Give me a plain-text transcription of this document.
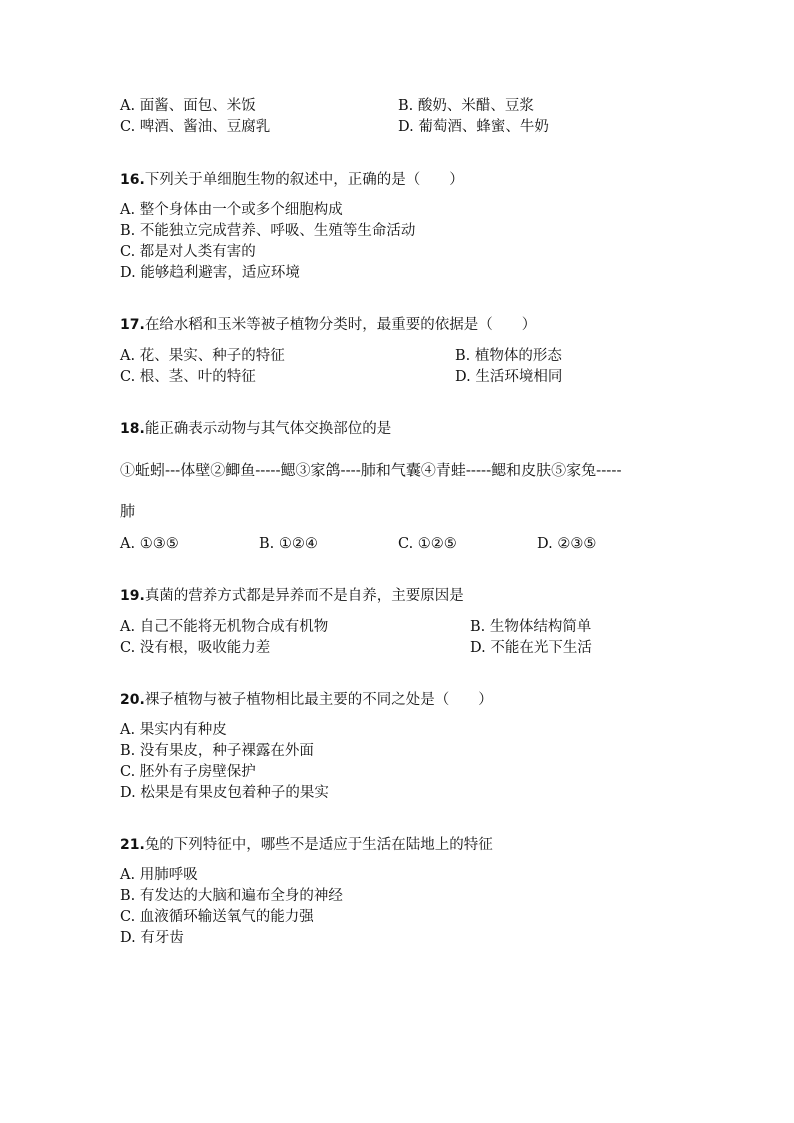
A. 面酱、面包、米饭	B. 酸奶、米醋、豆浆
C. 啤酒、酱油、豆腐乳	D. 葡萄酒、蜂蜜、牛奶
16.下列关于单细胞生物的叙述中，正确的是（　　）
A. 整个身体由一个或多个细胞构成
B. 不能独立完成营养、呼吸、生殖等生命活动
C. 都是对人类有害的
D. 能够趋利避害，适应环境
17.在给水稻和玉米等被子植物分类时，最重要的依据是（　　）
A. 花、果实、种子的特征	B. 植物体的形态
C. 根、茎、叶的特征	D. 生活环境相同
18.能正确表示动物与其气体交换部位的是
①蚯蚓---体壁②鲫鱼-----鳃③家鸽----肺和气囊④青蛙-----鳃和皮肤⑤家兔-----
肺
A. ①③⑤	B. ①②④	C. ①②⑤	D. ②③⑤
19.真菌的营养方式都是异养而不是自养，主要原因是
A. 自己不能将无机物合成有机物	B. 生物体结构简单
C. 没有根，吸收能力差	D. 不能在光下生活
20.裸子植物与被子植物相比最主要的不同之处是（　　）
A. 果实内有种皮
B. 没有果皮，种子裸露在外面
C. 胚外有子房壁保护
D. 松果是有果皮包着种子的果实
21.兔的下列特征中，哪些不是适应于生活在陆地上的特征
A. 用肺呼吸
B. 有发达的大脑和遍布全身的神经
C. 血液循环输送氧气的能力强
D. 有牙齿
